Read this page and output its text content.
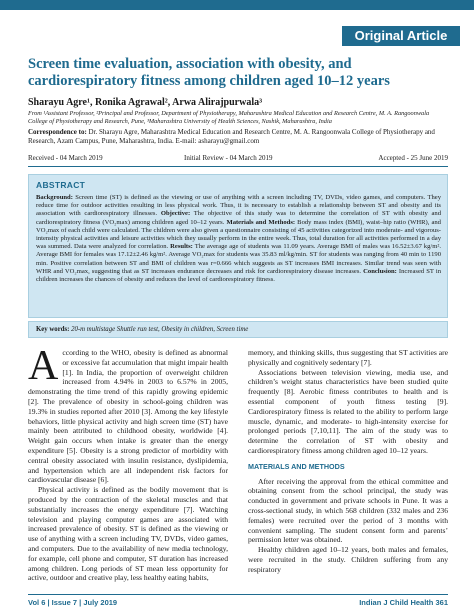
Original Article
Screen time evaluation, association with obesity, and cardiorespiratory fitness among children aged 10–12 years
Sharayu Agre¹, Ronika Agrawal², Arwa Alirajpurwala³
From ¹Assistant Professor, ²Principal and Professor, Department of Physiotherapy, Maharashtra Medical Education and Research Centre, M. A. Rangoonwala College of Physiotherapy and Research, Pune, ³Maharashtra University of Health Sciences, Nashik, Maharashtra, India
Correspondence to: Dr. Sharayu Agre, Maharashtra Medical Education and Research Centre, M. A. Rangoonwala College of Physiotherapy and Research, Azam Campus, Pune, Maharashtra, India. E-mail: asharayu@gmail.com
Received - 04 March 2019	Initial Review - 04 March 2019	Accepted - 25 June 2019
ABSTRACT

Background: Screen time (ST) is defined as the viewing or use of anything with a screen including TV, DVDs, video games, and computers. They reduce time for outdoor activities resulting in less physical work. Thus, it is necessary to establish a relationship between ST and obesity and its association with cardiorespiratory illnesses. Objective: The objective of this study was to determine the correlation of ST with obesity and cardiorespiratory fitness (VO₂max) among children aged 10–12 years. Materials and Methods: Body mass index (BMI), waist–hip ratio (WHR), and VO₂max of each child were calculated. The children were also given a questionnaire consisting of 45 activities categorized into moderate- and vigorous-intensity physical activities and leisure activities which they usually perform in the entire week. Thus, total duration for all activities performed in a day was summed. Data were analyzed for correlation. Results: The average age of students was 11.09 years. Average BMI of males was 16.52±3.67 kg/m². Average BMI for females was 17.12±2.46 kg/m². Average VO₂max for students was 35.83 ml/kg/min. ST for students was ranging from 40 min to 1190 min. Positive correlation between ST and BMI of children was r=0.666 which suggests as ST increases BMI increases. Similar trend was seen with WHR and VO₂max, suggesting that as ST increases endurance decreases and risk for cardiorespiratory disease increases. Conclusion: Increased ST in children increases the chances of obesity and reduces the level of cardiorespiratory fitness.

Key words: 20-m multistage Shuttle run test, Obesity in children, Screen time

According to the WHO, obesity is defined as abnormal or excessive fat accumulation that might impair health [1]. In India, the proportion of overweight children increased from 4.94% in 2003 to 6.57% in 2005, demonstrating the time trend of this rapidly growing epidemic [2]. The prevalence of obesity in school-going children was 19.3% in studies reported after 2010 [3]. Among the key lifestyle behaviors, little physical activity and high screen time (ST) have mainly been attributed to childhood obesity, worldwide [4]. Weight gain occurs when intake is greater than the energy expenditure [5]. Obesity is a strong predictor of morbidity with central obesity associated with insulin resistance, dyslipidemia, and hypertension which are all independent risk factors for cardiovascular disease [6].

Physical activity is defined as the bodily movement that is produced by the contraction of the skeletal muscles and that substantially increases the energy expenditure [7]. Watching television and playing computer games are associated with increased prevalence of obesity. ST is defined as the viewing or use of anything with a screen including TV, DVDs, video games, and computers. Due to the availability of new media technology, for example, cell phone and computer, ST duration has increased among children. Long periods of ST mean less opportunity for active, outdoor and creative play, less healthy eating habits,

memory, and thinking skills, thus suggesting that ST activities are physically and cognitively sedentary [7].

Associations between television viewing, media use, and children’s weight status characteristics have been studied quite frequently [8]. Aerobic fitness contributes to health and is essential component of youth fitness testing [9]. Cardiorespiratory fitness is related to the ability to perform large muscle, dynamic, and moderate- to high-intensity exercise for prolonged periods [7,10,11]. The aim of the study was to determine the correlation of ST with obesity and cardiorespiratory fitness among children aged 10–12 years.

MATERIALS AND METHODS

After receiving the approval from the ethical committee and obtaining consent from the school principal, the study was conducted in government and private schools in Pune. It was a cross-sectional study, in which 568 children (332 males and 236 females) were recruited over the period of 3 months with convenient sampling. The student consent form and parents’ permission letter was obtained.

Healthy children aged 10–12 years, both males and females, were recruited in the study. Children suffering from any respiratory

Vol 6 | Issue 7 | July 2019	Indian J Child Health 361
